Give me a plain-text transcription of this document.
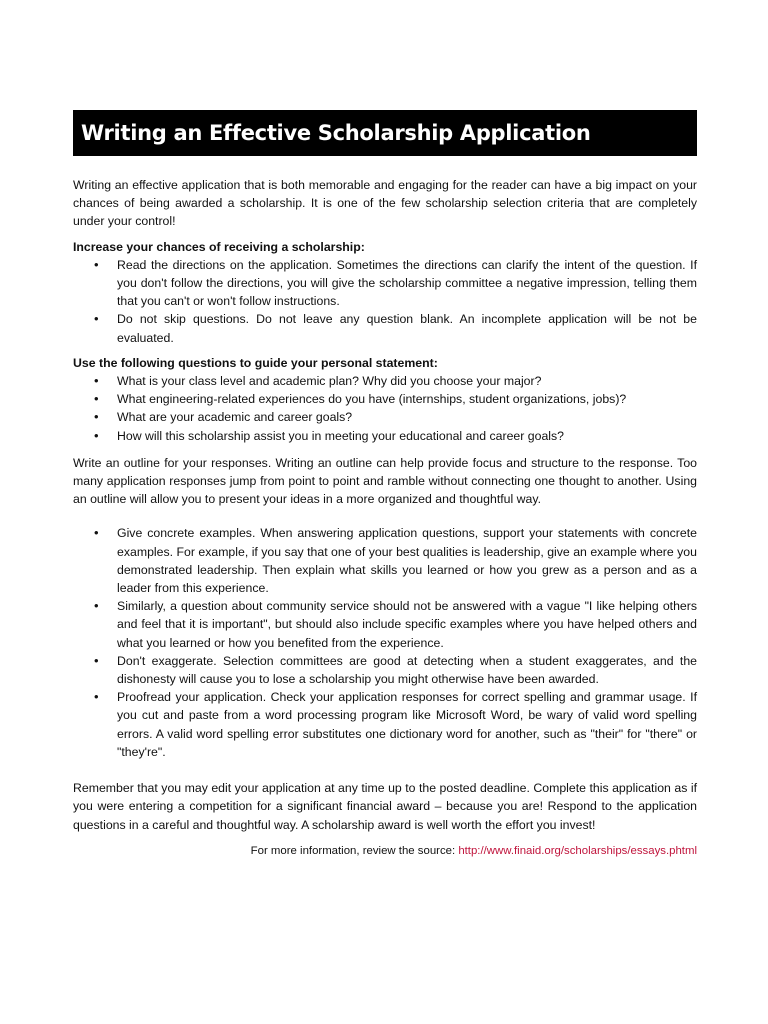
Writing an Effective Scholarship Application

Writing an effective application that is both memorable and engaging for the reader can have a big impact on your chances of being awarded a scholarship. It is one of the few scholarship selection criteria that are completely under your control!

Increase your chances of receiving a scholarship:

• Read the directions on the application. Sometimes the directions can clarify the intent of the question. If you don't follow the directions, you will give the scholarship committee a negative impression, telling them that you can't or won't follow instructions.
• Do not skip questions. Do not leave any question blank. An incomplete application will be not be evaluated.

Use the following questions to guide your personal statement:

• What is your class level and academic plan? Why did you choose your major?
• What engineering-related experiences do you have (internships, student organizations, jobs)?
• What are your academic and career goals?
• How will this scholarship assist you in meeting your educational and career goals?

Write an outline for your responses. Writing an outline can help provide focus and structure to the response. Too many application responses jump from point to point and ramble without connecting one thought to another. Using an outline will allow you to present your ideas in a more organized and thoughtful way.

• Give concrete examples. When answering application questions, support your statements with concrete examples. For example, if you say that one of your best qualities is leadership, give an example where you demonstrated leadership. Then explain what skills you learned or how you grew as a person and as a leader from this experience.
• Similarly, a question about community service should not be answered with a vague "I like helping others and feel that it is important", but should also include specific examples where you have helped others and what you learned or how you benefited from the experience.
• Don't exaggerate. Selection committees are good at detecting when a student exaggerates, and the dishonesty will cause you to lose a scholarship you might otherwise have been awarded.
• Proofread your application. Check your application responses for correct spelling and grammar usage. If you cut and paste from a word processing program like Microsoft Word, be wary of valid word spelling errors. A valid word spelling error substitutes one dictionary word for another, such as "their" for "there" or "they're".

Remember that you may edit your application at any time up to the posted deadline. Complete this application as if you were entering a competition for a significant financial award – because you are! Respond to the application questions in a careful and thoughtful way. A scholarship award is well worth the effort you invest!

For more information, review the source: http://www.finaid.org/scholarships/essays.phtml
